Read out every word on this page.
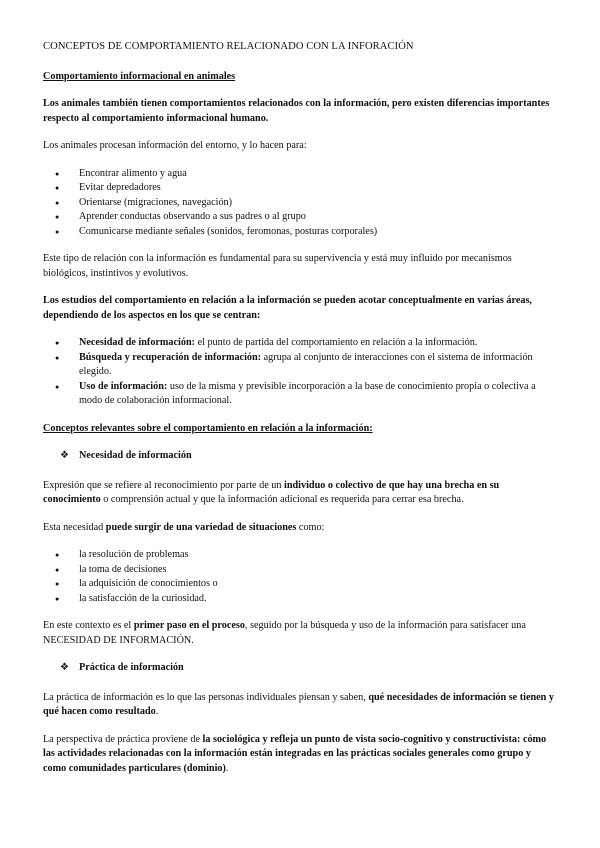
CONCEPTOS DE COMPORTAMIENTO RELACIONADO CON LA INFORACIÓN
Comportamiento informacional en animales

Los animales también tienen comportamientos relacionados con la información, pero existen diferencias importantes respecto al comportamiento informacional humano.

Los animales procesan información del entorno, y lo hacen para:

● Encontrar alimento y agua
● Evitar depredadores
● Orientarse (migraciones, navegación)
● Aprender conductas observando a sus padres o al grupo
● Comunicarse mediante señales (sonidos, feromonas, posturas corporales)

Este tipo de relación con la información es fundamental para su supervivencia y está muy influido por mecanismos biológicos, instintivos y evolutivos.

Los estudios del comportamiento en relación a la información se pueden acotar conceptualmente en varias áreas, dependiendo de los aspectos en los que se centran:

● Necesidad de información: el punto de partida del comportamiento en relación a la información.
● Búsqueda y recuperación de información: agrupa al conjunto de interacciones con el sistema de información elegido.
● Uso de información: uso de la misma y previsible incorporación a la base de conocimiento propia o colectiva a modo de colaboración informacional.
Conceptos relevantes sobre el comportamiento en relación a la información:
❖ Necesidad de información

Expresión que se refiere al reconocimiento por parte de un individuo o colectivo de que hay una brecha en su conocimiento o comprensión actual y que la información adicional es requerida para cerrar esa brecha.

Esta necesidad puede surgir de una variedad de situaciones como:

● la resolución de problemas
● la toma de decisiones
● la adquisición de conocimientos o
● la satisfacción de la curiosidad.

En este contexto es el primer paso en el proceso, seguido por la búsqueda y uso de la información para satisfacer una NECESIDAD DE INFORMACIÓN.

❖ Práctica de información

La práctica de información es lo que las personas individuales piensan y saben, qué necesidades de información se tienen y qué hacen como resultado.

La perspectiva de práctica proviene de la sociológica y refleja un punto de vista socio-cognitivo y constructivista: cómo las actividades relacionadas con la información están integradas en las prácticas sociales generales como grupo y como comunidades particulares (dominio).
